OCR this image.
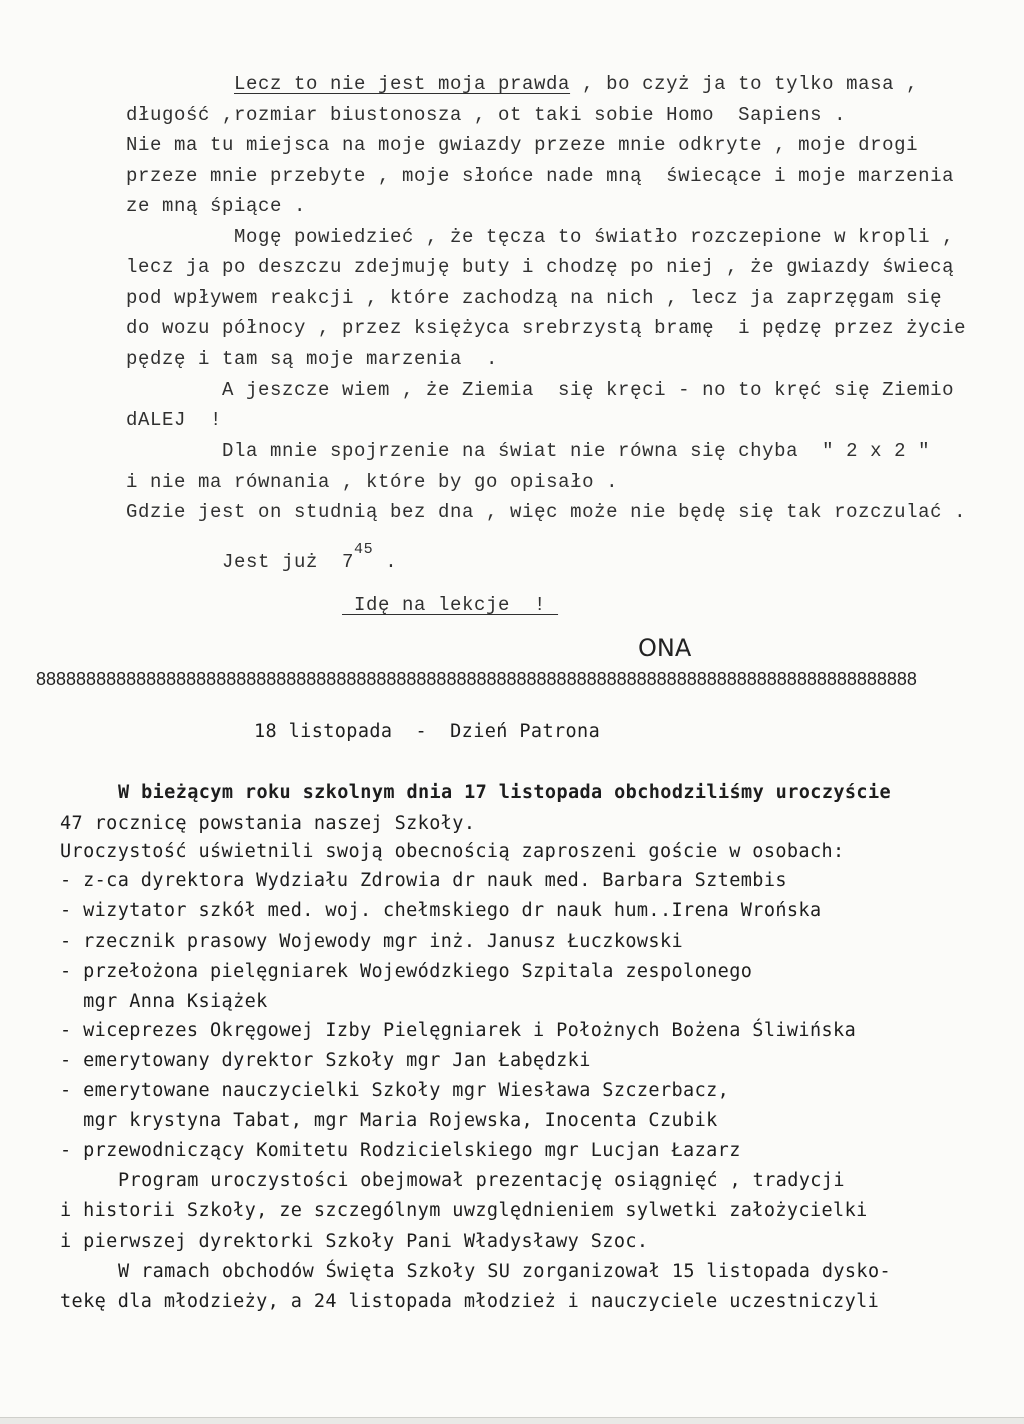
Lecz to nie jest moja prawda , bo czyż ja to tylko masa ,
długość ,rozmiar biustonosza , ot taki sobie Homo  Sapiens .
Nie ma tu miejsca na moje gwiazdy przeze mnie odkryte , moje drogi
przeze mnie przebyte , moje słońce nade mną  świecące i moje marzenia
ze mną śpiące .
Mogę powiedzieć , że tęcza to światło rozczepione w kropli ,
lecz ja po deszczu zdejmuję buty i chodzę po niej , że gwiazdy świecą
pod wpływem reakcji , które zachodzą na nich , lecz ja zaprzęgam się
do wozu północy , przez księżyca srebrzystą bramę  i pędzę przez życie
pędzę i tam są moje marzenia  .
A jeszcze wiem , że Ziemia  się kręci - no to kręć się Ziemio
dALEJ  !
Dla mnie spojrzenie na świat nie równa się chyba  " 2 x 2 "
i nie ma równania , które by go opisało .
Gdzie jest on studnią bez dna , więc może nie będę się tak rozczulać .
Jest już  $7^{45}$ .
Idę na lekcje  !
ONA
8888888888888888888888888888888888888888888888888888888888888888888888888888888888888888
18 listopada  -  Dzień Patrona
W bieżącym roku szkolnym dnia 17 listopada obchodziliśmy uroczyście
47 rocznicę powstania naszej Szkoły.
Uroczystość uświetnili swoją obecnością zaproszeni goście w osobach:
- z-ca dyrektora Wydziału Zdrowia dr nauk med. Barbara Sztembis
- wizytator szkół med. woj. chełmskiego dr nauk hum..Irena Wrońska
- rzecznik prasowy Wojewody mgr inż. Janusz Łuczkowski
- przełożona pielęgniarek Wojewódzkiego Szpitala zespolonego
mgr Anna Książek
- wiceprezes Okręgowej Izby Pielęgniarek i Położnych Bożena Śliwińska
- emerytowany dyrektor Szkoły mgr Jan Łabędzki
- emerytowane nauczycielki Szkoły mgr Wiesława Szczerbacz,
mgr krystyna Tabat, mgr Maria Rojewska, Inocenta Czubik
- przewodniczący Komitetu Rodzicielskiego mgr Lucjan Łazarz
Program uroczystości obejmował prezentację osiągnięć , tradycji
i historii Szkoły, ze szczególnym uwzględnieniem sylwetki założycielki
i pierwszej dyrektorki Szkoły Pani Władysławy Szoc.
W ramach obchodów Święta Szkoły SU zorganizował 15 listopada dysko-
tekę dla młodzieży, a 24 listopada młodzież i nauczyciele uczestniczyli
